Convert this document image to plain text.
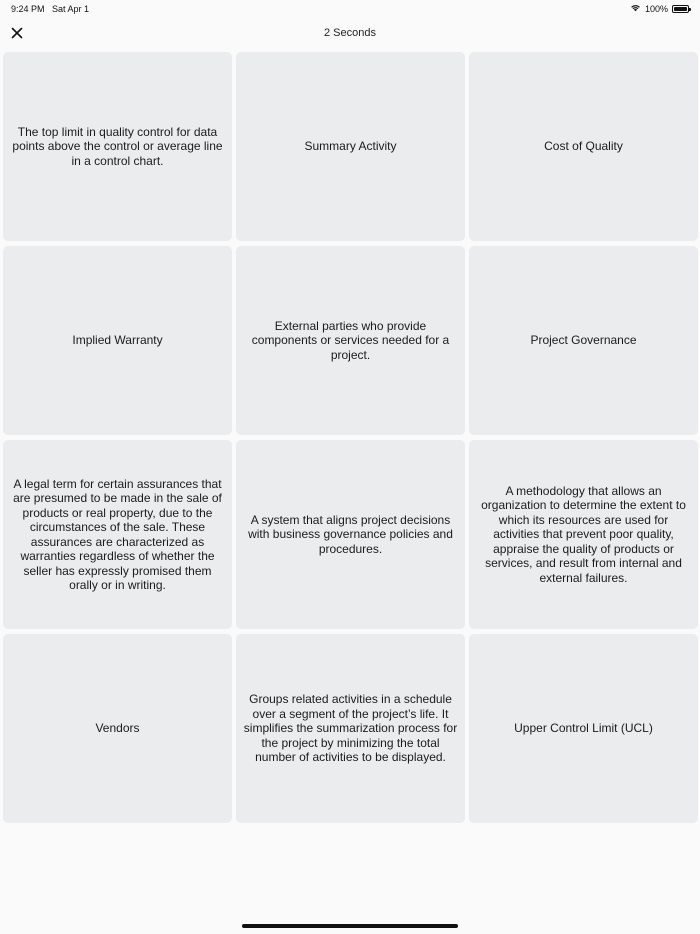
9:24 PM Sat Apr 1	100%
2 Seconds
The top limit in quality control for data points above the control or average line in a control chart.
Summary Activity	Cost of Quality
Implied Warranty
External parties who provide components or services needed for a project.
Project Governance
A legal term for certain assurances that are presumed to be made in the sale of products or real property, due to the circumstances of the sale. These assurances are characterized as warranties regardless of whether the seller has expressly promised them orally or in writing.
A system that aligns project decisions with business governance policies and procedures.
A methodology that allows an organization to determine the extent to which its resources are used for activities that prevent poor quality, appraise the quality of products or services, and result from internal and external failures.
Vendors
Groups related activities in a schedule over a segment of the project’s life. It simplifies the summarization process for the project by minimizing the total number of activities to be displayed.
Upper Control Limit (UCL)
